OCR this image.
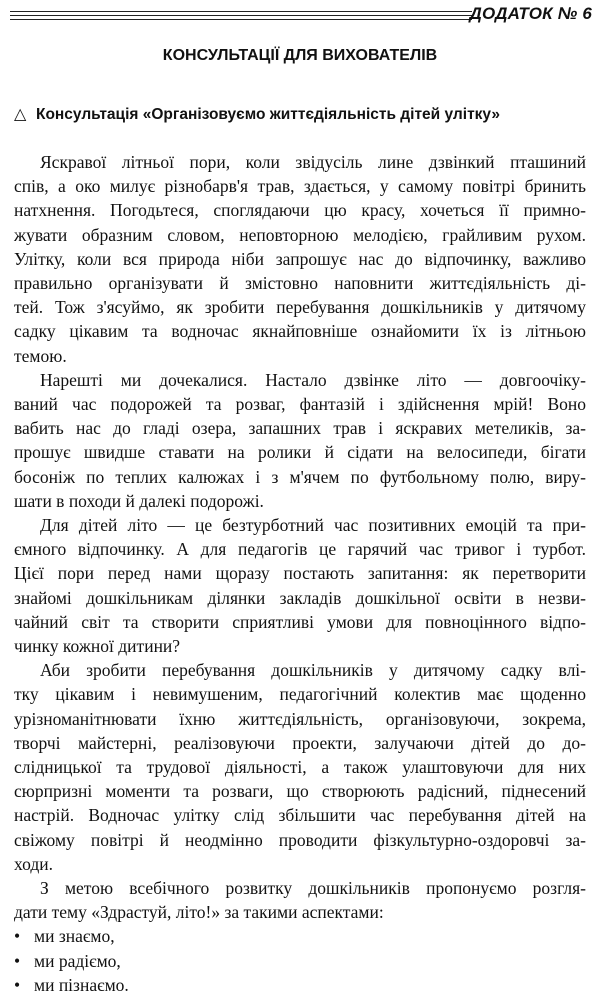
ДОДАТОК № 6
КОНСУЛЬТАЦІЇ ДЛЯ ВИХОВАТЕЛІВ
△ Консультація «Організовуємо життєдіяльність дітей улітку»
Яскравої літньої пори, коли звідусіль лине дзвінкий пташиний
спів, а око милує різнобарв'я трав, здається, у самому повітрі бринить
натхнення. Погодьтеся, споглядаючи цю красу, хочеться її примно-
жувати образним словом, неповторною мелодією, грайливим рухом.
Улітку, коли вся природа ніби запрошує нас до відпочинку, важливо
правильно організувати й змістовно наповнити життєдіяльність ді-
тей. Тож з'ясуймо, як зробити перебування дошкільників у дитячому
садку цікавим та водночас якнайповніше ознайомити їх із літньою
темою.
Нарешті ми дочекалися. Настало дзвінке літо — довгоочіку-
ваний час подорожей та розваг, фантазій і здійснення мрій! Воно
вабить нас до гладі озера, запашних трав і яскравих метеликів, за-
прошує швидше ставати на ролики й сідати на велосипеди, бігати
босоніж по теплих калюжах і з м'ячем по футбольному полю, виру-
шати в походи й далекі подорожі.
Для дітей літо — це безтурботний час позитивних емоцій та при-
ємного відпочинку. А для педагогів це гарячий час тривог і турбот.
Цієї пори перед нами щоразу постають запитання: як перетворити
знайомі дошкільникам ділянки закладів дошкільної освіти в незви-
чайний світ та створити сприятливі умови для повноцінного відпо-
чинку кожної дитини?
Аби зробити перебування дошкільників у дитячому садку влі-
тку цікавим і невимушеним, педагогічний колектив має щоденно
урізноманітнювати їхню життєдіяльність, організовуючи, зокрема,
творчі майстерні, реалізовуючи проекти, залучаючи дітей до до-
слідницької та трудової діяльності, а також улаштовуючи для них
сюрпризні моменти та розваги, що створюють радісний, піднесений
настрій. Водночас улітку слід збільшити час перебування дітей на
свіжому повітрі й неодмінно проводити фізкультурно-оздоровчі за-
ходи.
З метою всебічного розвитку дошкільників пропонуємо розгля-
дати тему «Здрастуй, літо!» за такими аспектами:
• ми знаємо,
• ми радіємо,
• ми пізнаємо.
